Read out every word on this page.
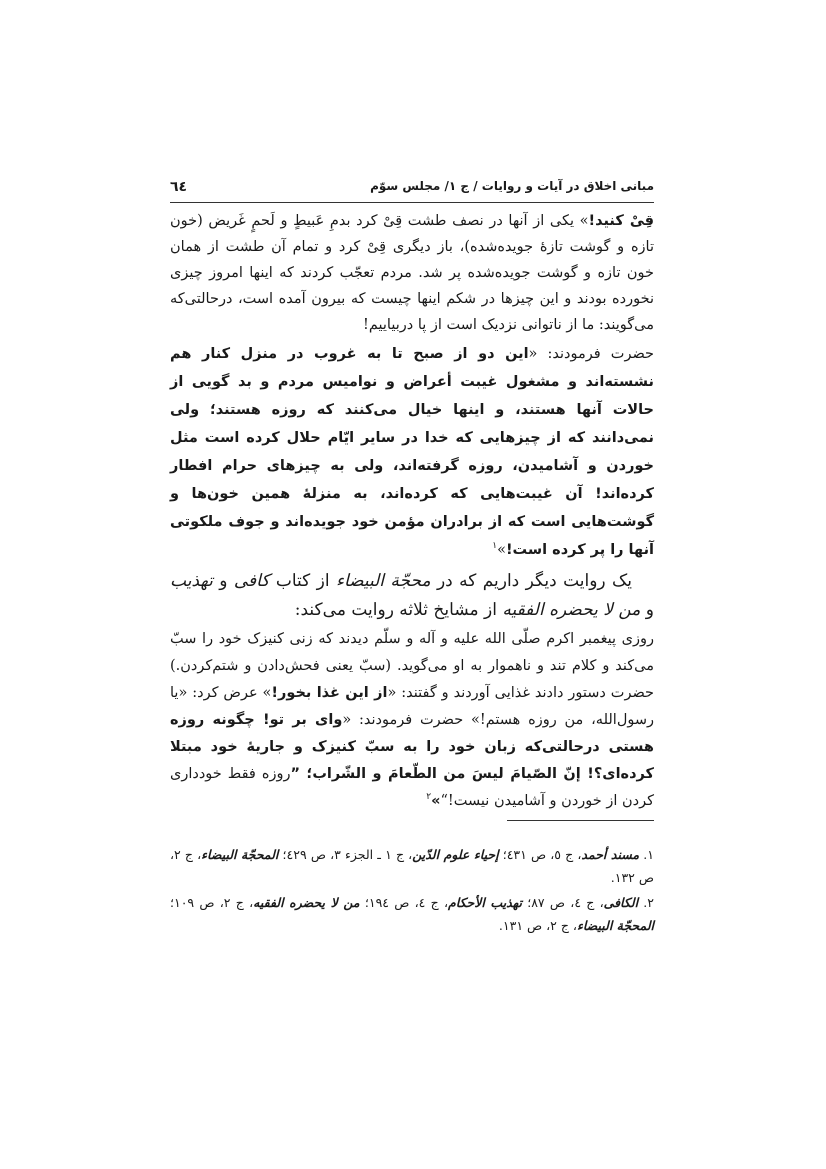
مبانی اخلاق در آیات و روایات / ج ۱/ مجلس سوّم
٦٤

قِیْ کنید!» یکی از آنها در نصف طشت قِیْ کرد بدمِ عَبیطٍ و لَحمٍ غَریض (خون تازه و گوشت تازهٔ جویده‌شده)، باز دیگری قِیْ کرد و تمام آن طشت از همان خون تازه و گوشت جویده‌شده پر شد. مردم تعجّب کردند که اینها امروز چیزی نخورده بودند و این چیزها در شکم اینها چیست که بیرون آمده است، درحالتی‌که می‌گویند: ما از ناتوانی نزدیک است از پا دربیاییم!

حضرت فرمودند: «این دو از صبح تا به غروب در منزل کنار هم نشسته‌اند و مشغول غیبت أعراض و نوامیس مردم و بد گویی از حالات آنها هستند، و اینها خیال می‌کنند که روزه هستند؛ ولی نمی‌دانند که از چیزهایی که خدا در سایر ایّام حلال کرده است مثل خوردن و آشامیدن، روزه گرفته‌اند، ولی به چیزهای حرام افطار کرده‌اند! آن غیبت‌هایی که کرده‌اند، به منزلهٔ همین خون‌ها و گوشت‌هایی است که از برادران مؤمن خود جویده‌اند و جوف ملکوتی آنها را پر کرده است!»$^١$

یک روایت دیگر داریم که در محجّة البیضاء از کتاب کافی و تهذیب و من لا یحضره الفقیه از مشایخ ثلاثه روایت می‌کند:

روزی پیغمبر اکرم صلّی الله علیه و آله و سلّم دیدند که زنی کنیزک خود را سبّ می‌کند و کلام تند و ناهموار به او می‌گوید. (سبّ یعنی فحش‌دادن و شتم‌کردن.) حضرت دستور دادند غذایی آوردند و گفتند: «از این غذا بخور!» عرض کرد: «یا رسول‌الله، من روزه هستم!» حضرت فرمودند: «وای بر تو! چگونه روزه هستی درحالتی‌که زبان خود را به سبّ کنیزک و جاریهٔ خود مبتلا کرده‌ای؟! إنّ الصّیامَ لیسَ من الطّعامَ و الشّراب؛ ”روزه فقط خودداری کردن از خوردن و آشامیدن نیست!“»$^٢$

١. مسند أحمد، ج ٥، ص ٤٣١؛ إحیاء علوم الدّین، ج ١ ـ الجزء ٣، ص ٤٢٩؛ المحجّة البیضاء، ج ٢، ص ١٣٢.

٢. الکافی، ج ٤، ص ٨٧؛ تهذیب الأحکام، ج ٤، ص ١٩٤؛ من لا یحضره الفقیه، ج ٢، ص ١٠٩؛ المحجّة البیضاء، ج ٢، ص ١٣١.
